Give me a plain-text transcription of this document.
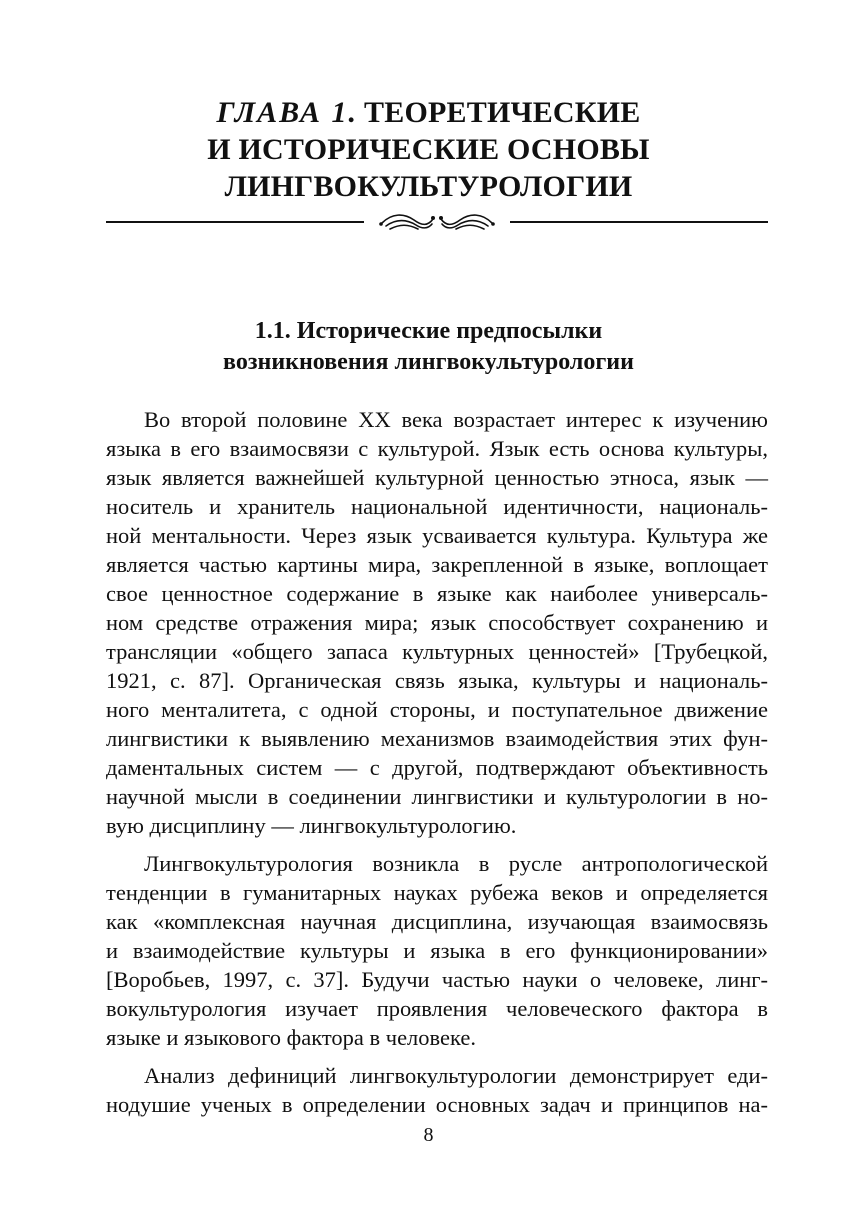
ГЛАВА 1. ТЕОРЕТИЧЕСКИЕ
И ИСТОРИЧЕСКИЕ ОСНОВЫ
ЛИНГВОКУЛЬТУРОЛОГИИ
1.1. Исторические предпосылки
возникновения лингвокультурологии
Во второй половине XX века возрастает интерес к изучению
языка в его взаимосвязи с культурой. Язык есть основа культуры,
язык является важнейшей культурной ценностью этноса, язык —
носитель и хранитель национальной идентичности, националь-
ной ментальности. Через язык усваивается культура. Культура же
является частью картины мира, закрепленной в языке, воплощает
свое ценностное содержание в языке как наиболее универсаль-
ном средстве отражения мира; язык способствует сохранению и
трансляции «общего запаса культурных ценностей» [Трубецкой,
1921, с. 87]. Органическая связь языка, культуры и националь-
ного менталитета, с одной стороны, и поступательное движение
лингвистики к выявлению механизмов взаимодействия этих фун-
даментальных систем — с другой, подтверждают объективность
научной мысли в соединении лингвистики и культурологии в но-
вую дисциплину — лингвокультурологию.
Лингвокультурология возникла в русле антропологической
тенденции в гуманитарных науках рубежа веков и определяется
как «комплексная научная дисциплина, изучающая взаимосвязь
и взаимодействие культуры и языка в его функционировании»
[Воробьев, 1997, с. 37]. Будучи частью науки о человеке, линг-
вокультурология изучает проявления человеческого фактора в
языке и языкового фактора в человеке.
Анализ дефиниций лингвокультурологии демонстрирует еди-
нодушие ученых в определении основных задач и принципов на-
8
